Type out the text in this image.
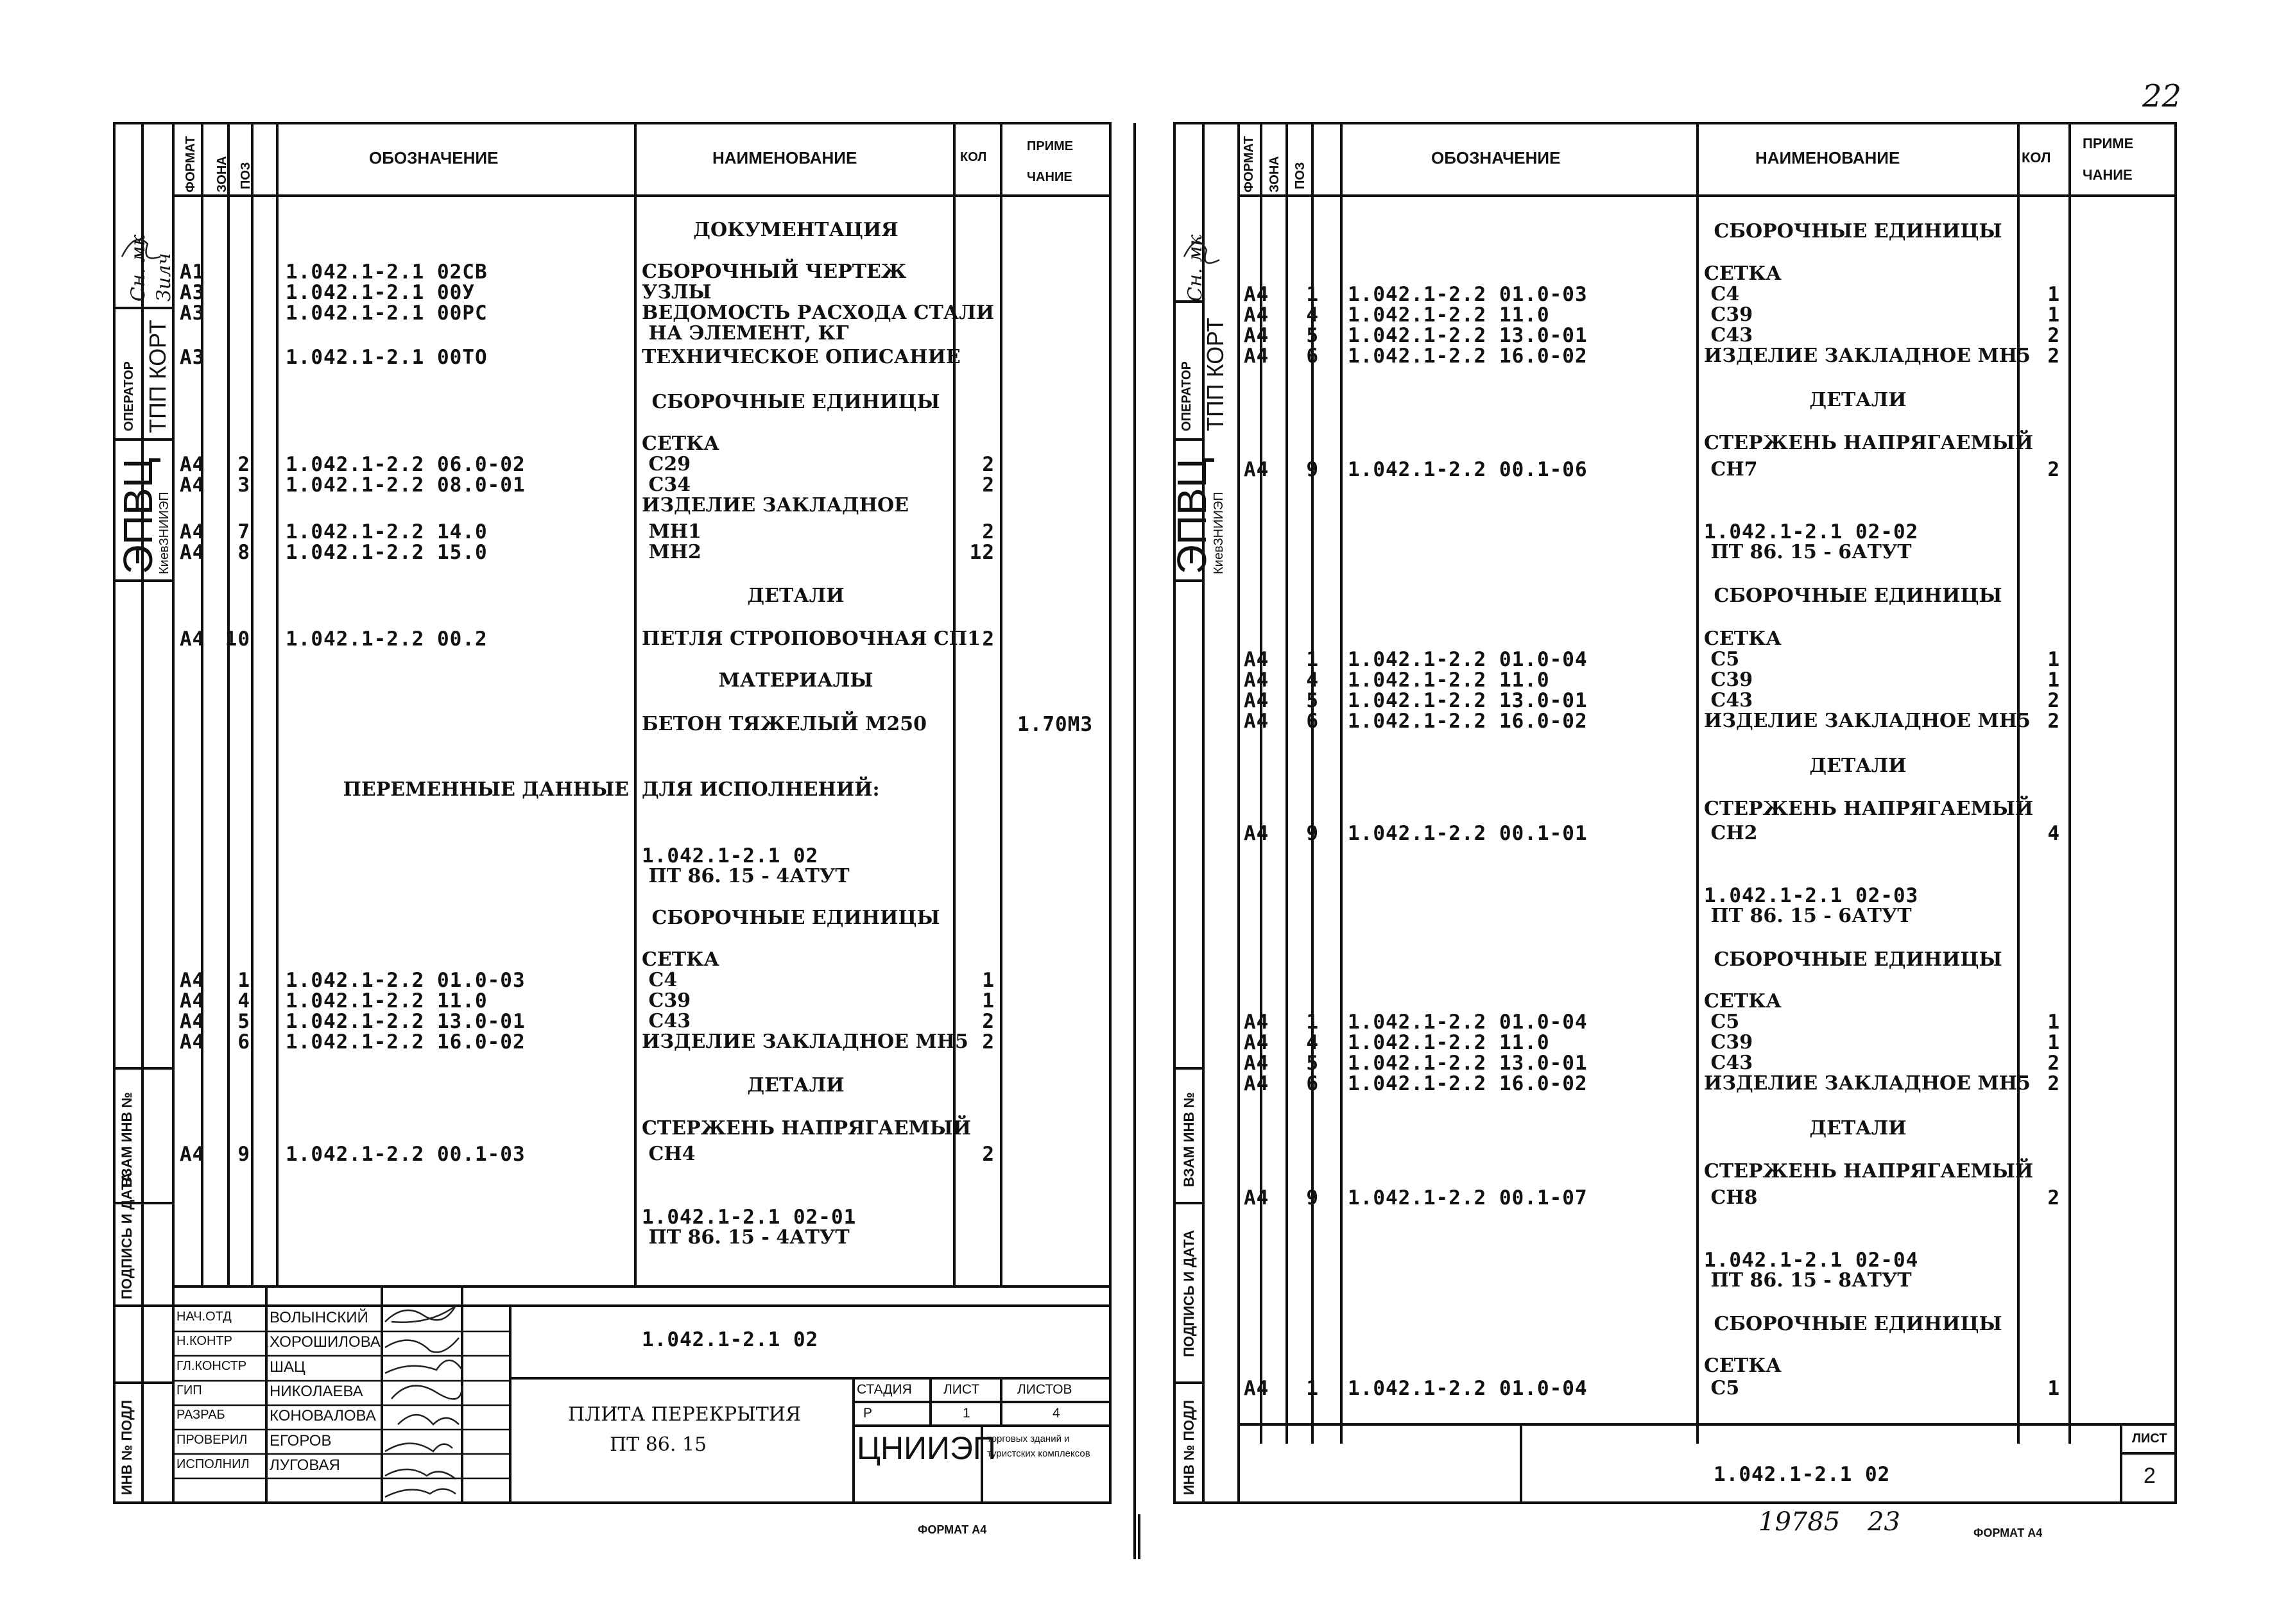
22
ФОРМАТ ЗОНА ПОЗ
ОБОЗНАЧЕНИЕ	НАИМЕНОВАНИЕ	КОЛ
ПРИМЕ
ЧАНИЕ
Сн. мк Зилч
ОПЕРАТОР ТПП КОРТ
ЭПВЦ
КиевЗНИИЭП
ВЗАМ ИНВ №
ПОДПИСЬ И ДАТА
ИНВ № ПОДЛ
ДОКУМЕНТАЦИЯ
А1	1.042.1-2.1 02СВ	СБОРОЧНЫЙ ЧЕРТЕЖ
А3	1.042.1-2.1 00У	УЗЛЫ
А3	1.042.1-2.1 00РС	ВЕДОМОСТЬ РАСХОДА СТАЛИ
НА ЭЛЕМЕНТ, КГ
А3	1.042.1-2.1 00ТО	ТЕХНИЧЕСКОЕ ОПИСАНИЕ
СБОРОЧНЫЕ ЕДИНИЦЫ
СЕТКА
А4	2 1.042.1-2.2 06.0-02	С29	2
А4	3 1.042.1-2.2 08.0-01	С34	2
ИЗДЕЛИЕ ЗАКЛАДНОЕ
А4	7 1.042.1-2.2 14.0	МН1	2
А4	8 1.042.1-2.2 15.0	МН2	12
ДЕТАЛИ
А4 10 1.042.1-2.2 00.2	ПЕТЛЯ СТРОПОВОЧНАЯ СП1 2
МАТЕРИАЛЫ
БЕТОН ТЯЖЕЛЫЙ М250	1.70М3
ПЕРЕМЕННЫЕ ДАННЫЕ ДЛЯ ИСПОЛНЕНИЙ:
1.042.1-2.1 02
ПТ 86. 15 - 4АТУТ
СБОРОЧНЫЕ ЕДИНИЦЫ
СЕТКА
А4	1 1.042.1-2.2 01.0-03	С4	1
А4	4 1.042.1-2.2 11.0	С39	1
А4	5 1.042.1-2.2 13.0-01	С43	2
А4	6 1.042.1-2.2 16.0-02	ИЗДЕЛИЕ ЗАКЛАДНОЕ МН5 2
ДЕТАЛИ
СТЕРЖЕНЬ НАПРЯГАЕМЫЙ
А4	9 1.042.1-2.2 00.1-03	СН4	2
1.042.1-2.1 02-01
ПТ 86. 15 - 4АТУТ
1.042.1-2.1 02
ПЛИТА ПЕРЕКРЫТИЯ
ПТ 86. 15
СТАДИЯ ЛИСТ	ЛИСТОВ
Р	1	4
ЦНИИЭП
торговых зданий и туристских комплексов
НАЧ.ОТД ВОЛЫНСКИЙ
Н.КОНТР ХОРОШИЛОВА
ГЛ.КОНСТР ШАЦ
ГИП	НИКОЛАЕВА
РАЗРАБ	КОНОВАЛОВА
ПРОВЕРИЛ ЕГОРОВ
ИСПОЛНИЛ ЛУГОВАЯ
ФОРМАТ А4
ФОРМАТ ЗОНА ПОЗ
ОБОЗНАЧЕНИЕ	НАИМЕНОВАНИЕ	КОЛ
ПРИМЕ
ЧАНИЕ
Сн. мк
ОПЕРАТОР ТПП КОРТ
ЭПВЦ
КиевЗНИИЭП
ВЗАМ ИНВ №
ПОДПИСЬ И ДАТА
ИНВ № ПОДЛ
СБОРОЧНЫЕ ЕДИНИЦЫ
СЕТКА
А4	1 1.042.1-2.2 01.0-03	С4	1
А4	4 1.042.1-2.2 11.0	С39	1
А4	5 1.042.1-2.2 13.0-01	С43	2
А4	6 1.042.1-2.2 16.0-02	ИЗДЕЛИЕ ЗАКЛАДНОЕ МН5 2
ДЕТАЛИ
СТЕРЖЕНЬ НАПРЯГАЕМЫЙ
А4	9 1.042.1-2.2 00.1-06	СН7	2
1.042.1-2.1 02-02
ПТ 86. 15 - 6АТУТ
СБОРОЧНЫЕ ЕДИНИЦЫ
СЕТКА
А4	1 1.042.1-2.2 01.0-04	С5	1
А4	4 1.042.1-2.2 11.0	С39	1
А4	5 1.042.1-2.2 13.0-01	С43	2
А4	6 1.042.1-2.2 16.0-02	ИЗДЕЛИЕ ЗАКЛАДНОЕ МН5 2
ДЕТАЛИ
СТЕРЖЕНЬ НАПРЯГАЕМЫЙ
А4	9 1.042.1-2.2 00.1-01	СН2	4
1.042.1-2.1 02-03
ПТ 86. 15 - 6АТУТ
СБОРОЧНЫЕ ЕДИНИЦЫ
СЕТКА
А4	1 1.042.1-2.2 01.0-04	С5	1
А4	4 1.042.1-2.2 11.0	С39	1
А4	5 1.042.1-2.2 13.0-01	С43	2
А4	6 1.042.1-2.2 16.0-02	ИЗДЕЛИЕ ЗАКЛАДНОЕ МН5 2
ДЕТАЛИ
СТЕРЖЕНЬ НАПРЯГАЕМЫЙ
А4	9 1.042.1-2.2 00.1-07	СН8	2
1.042.1-2.1 02-04
ПТ 86. 15 - 8АТУТ
СБОРОЧНЫЕ ЕДИНИЦЫ
СЕТКА
А4	1 1.042.1-2.2 01.0-04	С5	1
1.042.1-2.1 02
ЛИСТ
2
19785 23	ФОРМАТ А4
